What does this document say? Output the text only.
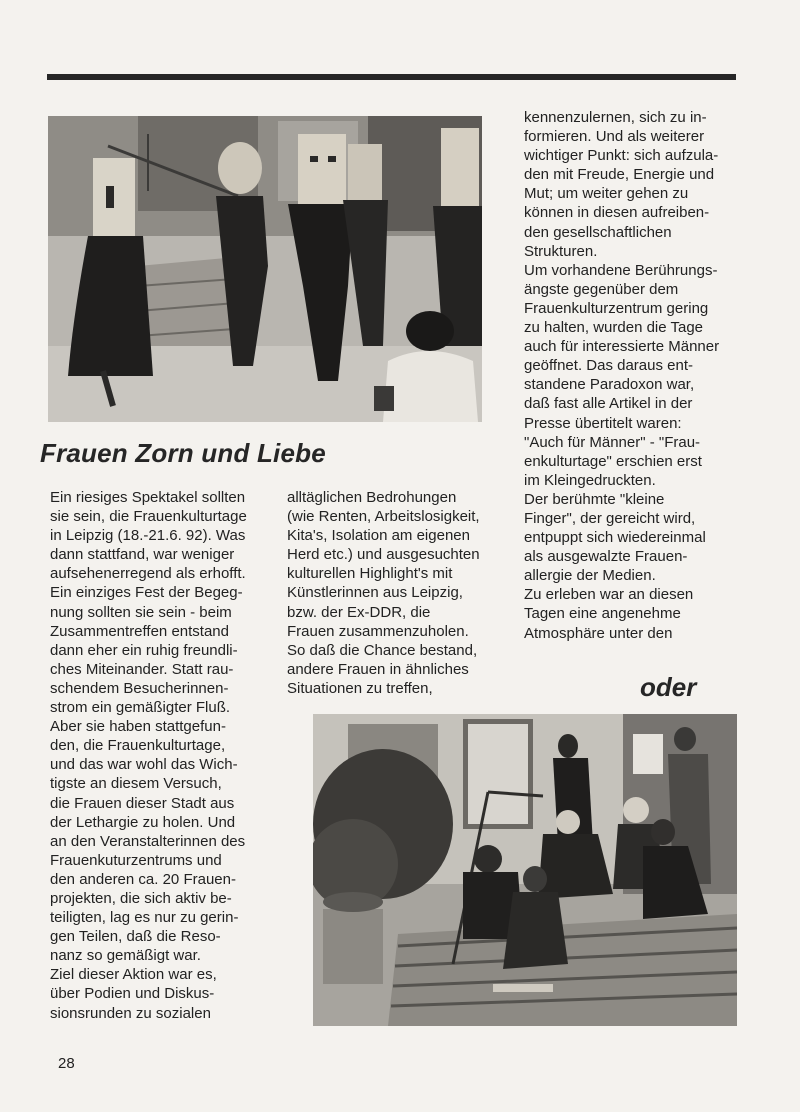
Frauen Zorn und Liebe
Ein riesiges Spektakel sollten
sie sein, die Frauenkulturtage
in Leipzig (18.-21.6. 92). Was
dann stattfand, war weniger
aufsehenerregend als erhofft.
Ein einziges Fest der Begeg-
nung sollten sie sein - beim
Zusammentreffen entstand
dann eher ein ruhig freundli-
ches Miteinander. Statt rau-
schendem Besucherinnen-
strom ein gemäßigter Fluß.
Aber sie haben stattgefun-
den, die Frauenkulturtage,
und das war wohl das Wich-
tigste an diesem Versuch,
die Frauen dieser Stadt aus
der Lethargie zu holen. Und
an den Veranstalterinnen des
Frauenkuturzentrums und
den anderen ca. 20 Frauen-
projekten, die sich aktiv be-
teiligten, lag es nur zu gerin-
gen Teilen, daß die Reso-
nanz so gemäßigt war.
Ziel dieser Aktion war es,
über Podien und Diskus-
sionsrunden zu sozialen
alltäglichen Bedrohungen
(wie Renten, Arbeitslosigkeit,
Kita's, Isolation am eigenen
Herd etc.) und ausgesuchten
kulturellen Highlight's mit
Künstlerinnen aus Leipzig,
bzw. der Ex-DDR, die
Frauen zusammenzuholen.
So daß die Chance bestand,
andere Frauen in ähnliches
Situationen zu treffen,
kennenzulernen, sich zu in-
formieren. Und als weiterer
wichtiger Punkt: sich aufzula-
den mit Freude, Energie und
Mut; um weiter gehen zu
können in diesen aufreiben-
den gesellschaftlichen
Strukturen.
Um vorhandene Berührungs-
ängste gegenüber dem
Frauenkulturzentrum gering
zu halten, wurden die Tage
auch für interessierte Männer
geöffnet. Das daraus ent-
standene Paradoxon war,
daß fast alle Artikel in der
Presse übertitelt waren:
"Auch für Männer" - "Frau-
enkulturtage" erschien erst
im Kleingedruckten.
Der berühmte "kleine
Finger", der gereicht wird,
entpuppt sich wiedereinmal
als ausgewalzte Frauen-
allergie der Medien.
Zu erleben war an diesen
Tagen eine angenehme
Atmosphäre unter den
oder
28
